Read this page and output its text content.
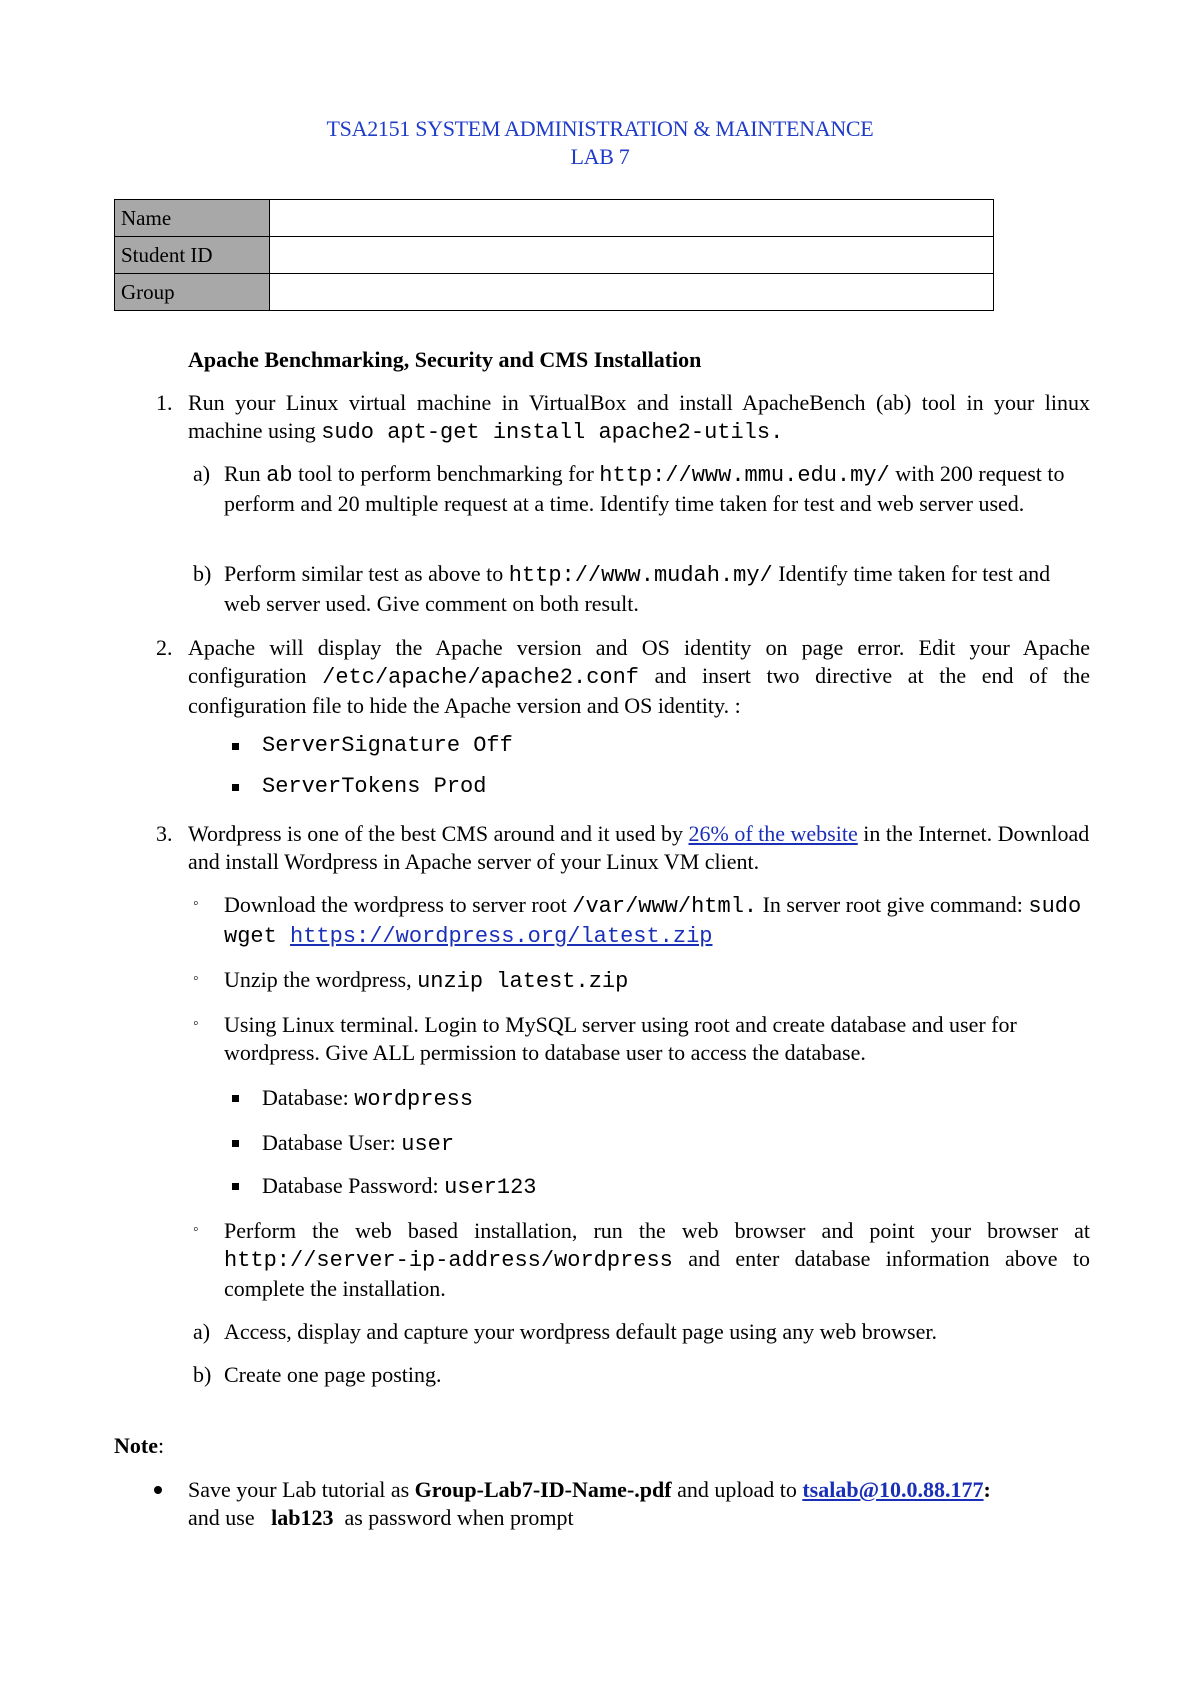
TSA2151 SYSTEM ADMINISTRATION & MAINTENANCE
LAB 7
Name	
Student ID	
Group	
Apache Benchmarking, Security and CMS Installation
1. Run your Linux virtual machine in VirtualBox and install ApacheBench (ab) tool in your linux machine using sudo apt-get install apache2-utils.
a) Run ab tool to perform benchmarking for http://www.mmu.edu.my/ with 200 request to perform and 20 multiple request at a time. Identify time taken for test and web server used.
b) Perform similar test as above to http://www.mudah.my/ Identify time taken for test and web server used. Give comment on both result.
2. Apache will display the Apache version and OS identity on page error. Edit your Apache configuration /etc/apache/apache2.conf and insert two directive at the end of the configuration file to hide the Apache version and OS identity. :
ServerSignature Off
ServerTokens Prod
3. Wordpress is one of the best CMS around and it used by 26% of the website in the Internet. Download and install Wordpress in Apache server of your Linux VM client.
◦ Download the wordpress to server root /var/www/html. In server root give command: sudo wget https://wordpress.org/latest.zip
◦ Unzip the wordpress, unzip latest.zip
◦ Using Linux terminal. Login to MySQL server using root and create database and user for wordpress. Give ALL permission to database user to access the database.
Database: wordpress
Database User: user
Database Password: user123
◦ Perform the web based installation, run the web browser and point your browser at http://server-ip-address/wordpress and enter database information above to complete the installation.
a) Access, display and capture your wordpress default page using any web browser.
b) Create one page posting.
Note:
Save your Lab tutorial as Group-Lab7-ID-Name-.pdf and upload to tsalab@10.0.88.177:
and use   lab123  as password when prompt
